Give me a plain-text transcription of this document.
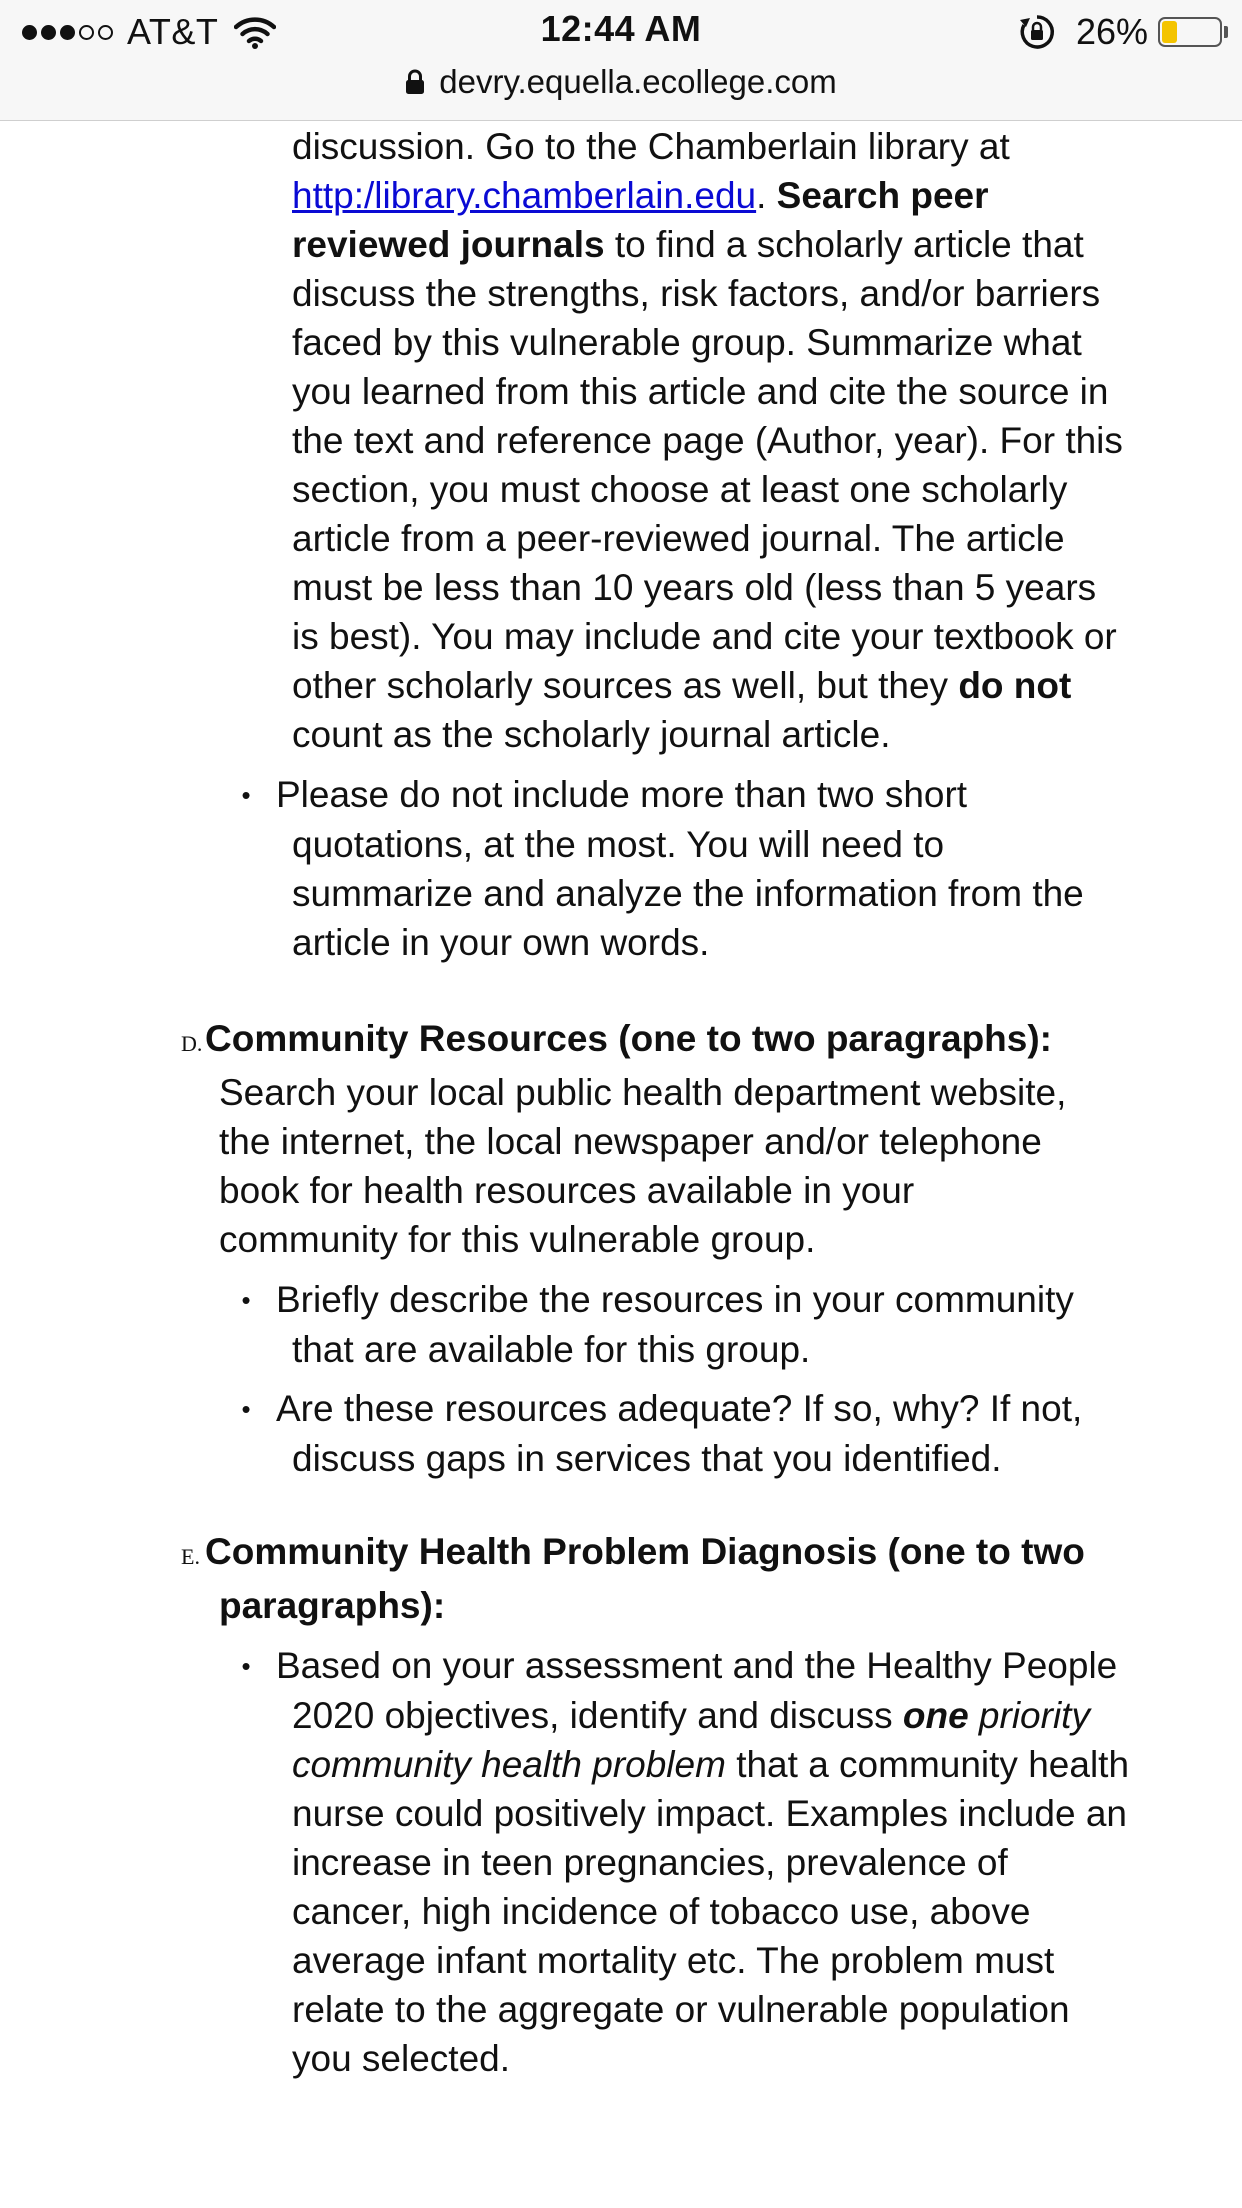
AT&T	12:44 AM	26%
devry.equella.ecollege.com

discussion. Go to the Chamberlain library at http:/library.chamberlain.edu. Search peer reviewed journals to find a scholarly article that discuss the strengths, risk factors, and/or barriers faced by this vulnerable group. Summarize what you learned from this article and cite the source in the text and reference page (Author, year). For this section, you must choose at least one scholarly article from a peer-reviewed journal. The article must be less than 10 years old (less than 5 years is best). You may include and cite your textbook or other scholarly sources as well, but they do not count as the scholarly journal article.

• Please do not include more than two short quotations, at the most. You will need to summarize and analyze the information from the article in your own words.

D.Community Resources (one to two paragraphs): Search your local public health department website, the internet, the local newspaper and/or telephone book for health resources available in your community for this vulnerable group.

• Briefly describe the resources in your community that are available for this group.

• Are these resources adequate? If so, why? If not, discuss gaps in services that you identified.

E. Community Health Problem Diagnosis (one to two paragraphs):

• Based on your assessment and the Healthy People 2020 objectives, identify and discuss one priority community health problem that a community health nurse could positively impact. Examples include an increase in teen pregnancies, prevalence of cancer, high incidence of tobacco use, above average infant mortality etc. The problem must relate to the aggregate or vulnerable population you selected.
